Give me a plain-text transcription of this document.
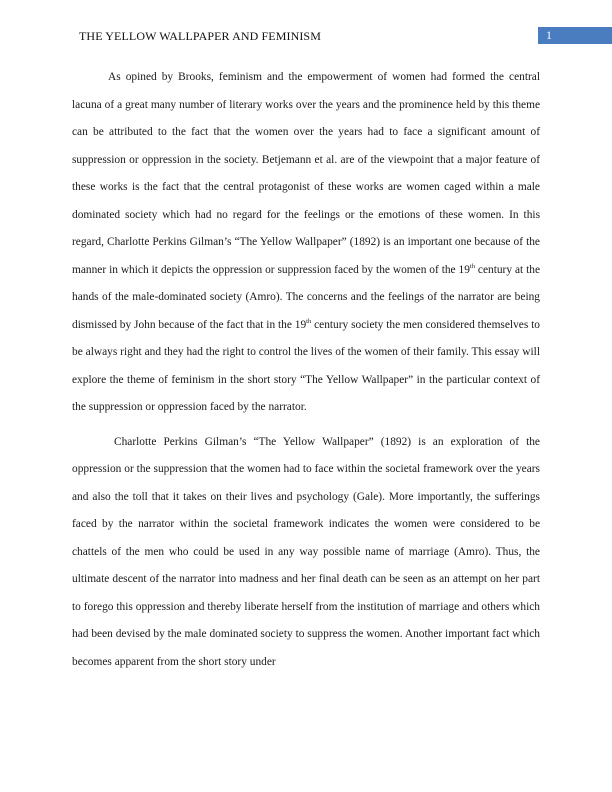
THE YELLOW WALLPAPER AND FEMINISM	1

As opined by Brooks, feminism and the empowerment of women had formed the central lacuna of a great many number of literary works over the years and the prominence held by this theme can be attributed to the fact that the women over the years had to face a significant amount of suppression or oppression in the society. Betjemann et al. are of the viewpoint that a major feature of these works is the fact that the central protagonist of these works are women caged within a male dominated society which had no regard for the feelings or the emotions of these women. In this regard, Charlotte Perkins Gilman’s “The Yellow Wallpaper” (1892) is an important one because of the manner in which it depicts the oppression or suppression faced by the women of the 19th century at the hands of the male-dominated society (Amro). The concerns and the feelings of the narrator are being dismissed by John because of the fact that in the 19th century society the men considered themselves to be always right and they had the right to control the lives of the women of their family. This essay will explore the theme of feminism in the short story “The Yellow Wallpaper” in the particular context of the suppression or oppression faced by the narrator.

Charlotte Perkins Gilman’s “The Yellow Wallpaper” (1892) is an exploration of the oppression or the suppression that the women had to face within the societal framework over the years and also the toll that it takes on their lives and psychology (Gale). More importantly, the sufferings faced by the narrator within the societal framework indicates the women were considered to be chattels of the men who could be used in any way possible name of marriage (Amro). Thus, the ultimate descent of the narrator into madness and her final death can be seen as an attempt on her part to forego this oppression and thereby liberate herself from the institution of marriage and others which had been devised by the male dominated society to suppress the women. Another important fact which becomes apparent from the short story under
